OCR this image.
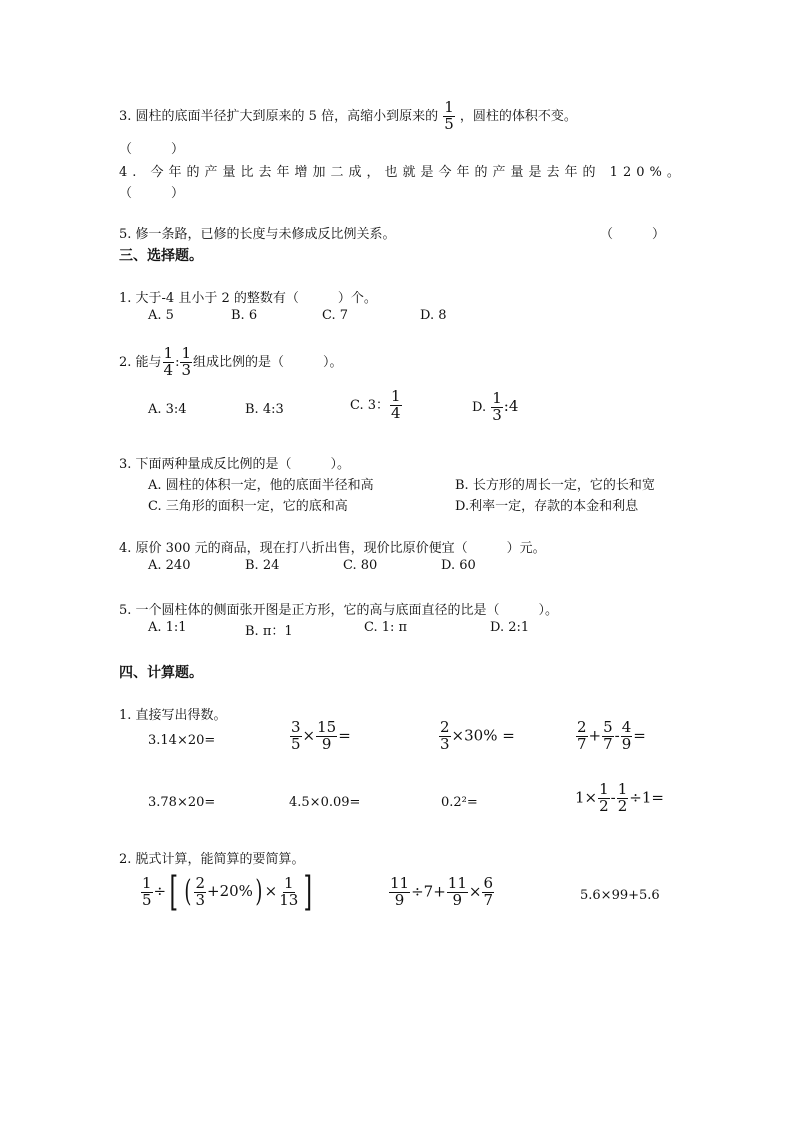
3. 圆柱的底面半径扩大到原来的 5 倍，高缩小到原来的 $\frac{1}{5}$ ，圆柱的体积不变。
（　　　）
4. 今年的产量比去年增加二成，也就是今年的产量是去年的 120%。
（　　　）
5. 修一条路，已修的长度与未修成反比例关系。	（　　　）
三、选择题。
1. 大于-4 且小于 2 的整数有（　　　）个。
A. 5	B. 6	C. 7	D. 8
2. 能与 $\frac{1}{4}$ : $\frac{1}{3}$ 组成比例的是（　　　）。
A. 3:4	B. 4:3	C. 3： $\frac{1}{4}$	D. $\frac{1}{3}$ :4
3. 下面两种量成反比例的是（　　　）。
A. 圆柱的体积一定，他的底面半径和高	B. 长方形的周长一定，它的长和宽
C. 三角形的面积一定，它的底和高	D.利率一定，存款的本金和利息
4. 原价 300 元的商品，现在打八折出售，现价比原价便宜（　　　）元。
A. 240	B. 24	C. 80	D. 60
5. 一个圆柱体的侧面张开图是正方形，它的高与底面直径的比是（　　　）。
A. 1:1	B. π：1	C. 1: π	D. 2:1
四、计算题。
1. 直接写出得数。
3.14×20=	$\frac{3}{5} \times \frac{15}{9}$ =	$\frac{2}{3} \times 30\%$ =	$\frac{2}{7} + \frac{5}{7} - \frac{4}{9}$ =
3.78×20=	4.5×0.09=	0.2²=	$1\times \frac{1}{2} - \frac{1}{2} \div 1=$
2. 脱式计算，能简算的要简算。
$\frac{1}{5}$ ÷[ ( $\frac{2}{3} +20\%) \times \frac{1}{13}$ ]	$\frac{11}{9} \div 7+ \frac{11}{9} \times \frac{6}{7}$	5.6×99+5.6
